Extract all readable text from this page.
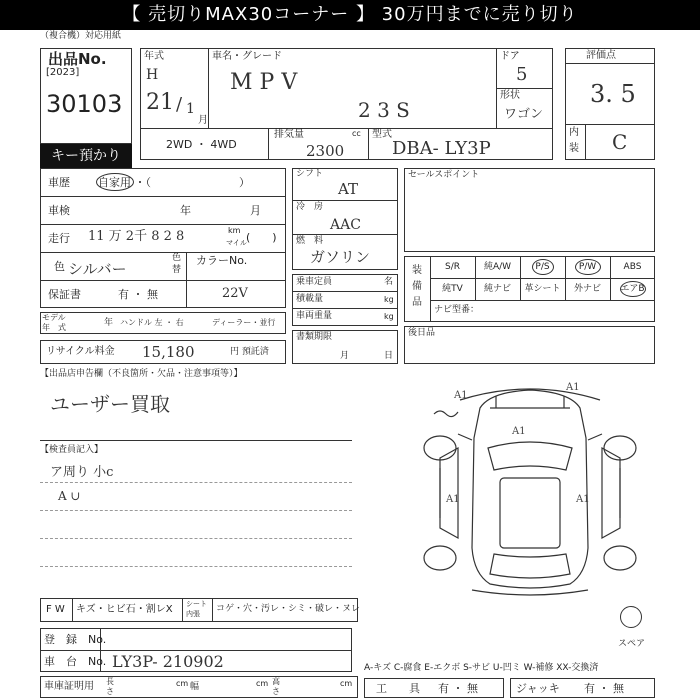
【 売切りMAX30コーナー 】 30万円までに売り切り
（複合機）対応用紙
出品No.
[2023]
30103
キー預かり
年式
H
21 / 1
月
車名・グレード
M P V
2 3 S
ドア
5
形状
ワゴン
2WD ・ 4WD
排気量	cc
2300
型式
DBA- LY3P
評価点
3. 5
内
装 C
車歴	自家用 ・（　　　　　　　　）
車検	年	月
走行 11 万 2千 8 2 8	km
マイル (　　)
色 シルバー
色
替
カラーNo.
22V
保証書	有 ・ 無
モデル
年　式	年 ハンドル 左 ・ 右	ディーラー・並行
リサイクル料金 15,180	円 預託済
シフト
AT
冷　房
AAC
燃　料
ガソリン
乗車定員	名
積載量	kg
車両重量	kg
書類期限
月	日
セールスポイント
装
備
品
S/R	純A/W	P/S	P/W	ABS
純TV	純ナビ	革シート	外ナビ	エアB
ナビ型番：
後日品
【出品店申告欄（不良箇所・欠品・注意事項等）】
ユーザー買取
【検査員記入】
ア周り 小c
A ∪
A1
A1
A1
A1	A1
スペア
F W キズ・ヒビ石・割レX シート
内張 コゲ・穴・汚レ・シミ・破レ・ヌレ
登　録　No.
車　台　No. LY3P- 210902
車庫証明用 長
さ
cm 幅	cm 高
さ
cm
A-キズ C-腐食 E-エクボ S-サビ U-凹ミ W-補修 XX-交換済
工　　具 有 ・ 無	ジャッキ 有 ・ 無
